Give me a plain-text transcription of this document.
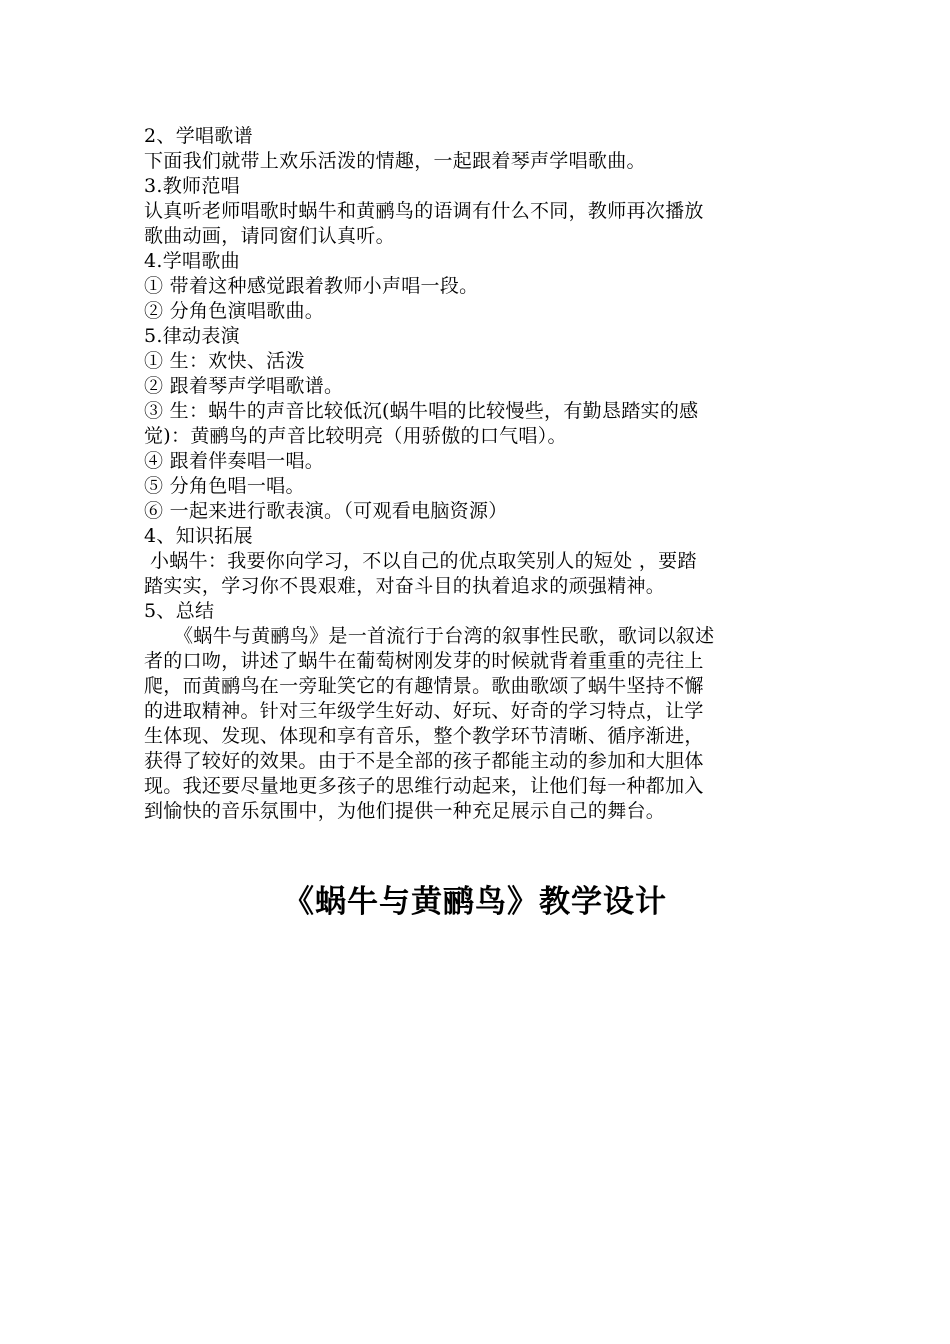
2、学唱歌谱

下面我们就带上欢乐活泼的情趣，一起跟着琴声学唱歌曲。

3.教师范唱

认真听老师唱歌时蜗牛和黄鹂鸟的语调有什么不同，教师再次播放

歌曲动画，请同窗们认真听。

4.学唱歌曲

① 带着这种感觉跟着教师小声唱一段。

② 分角色演唱歌曲。

5.律动表演

① 生：欢快、活泼

② 跟着琴声学唱歌谱。

③ 生：蜗牛的声音比较低沉(蜗牛唱的比较慢些，有勤恳踏实的感

觉)：黄鹂鸟的声音比较明亮（用骄傲的口气唱）。

④ 跟着伴奏唱一唱。

⑤ 分角色唱一唱。

⑥ 一起来进行歌表演。（可观看电脑资源）

4、知识拓展

小蜗牛：我要你向学习，不以自己的优点取笑别人的短处 ，要踏

踏实实，学习你不畏艰难，对奋斗目的执着追求的顽强精神。

5、总结

《蜗牛与黄鹂鸟》是一首流行于台湾的叙事性民歌，歌词以叙述

者的口吻，讲述了蜗牛在葡萄树刚发芽的时候就背着重重的壳往上

爬，而黄鹂鸟在一旁耻笑它的有趣情景。歌曲歌颂了蜗牛坚持不懈

的进取精神。针对三年级学生好动、好玩、好奇的学习特点，让学

生体现、发现、体现和享有音乐，整个教学环节清晰、循序渐进，

获得了较好的效果。由于不是全部的孩子都能主动的参加和大胆体

现。我还要尽量地更多孩子的思维行动起来，让他们每一种都加入

到愉快的音乐氛围中，为他们提供一种充足展示自己的舞台。

《蜗牛与黄鹂鸟》教学设计
